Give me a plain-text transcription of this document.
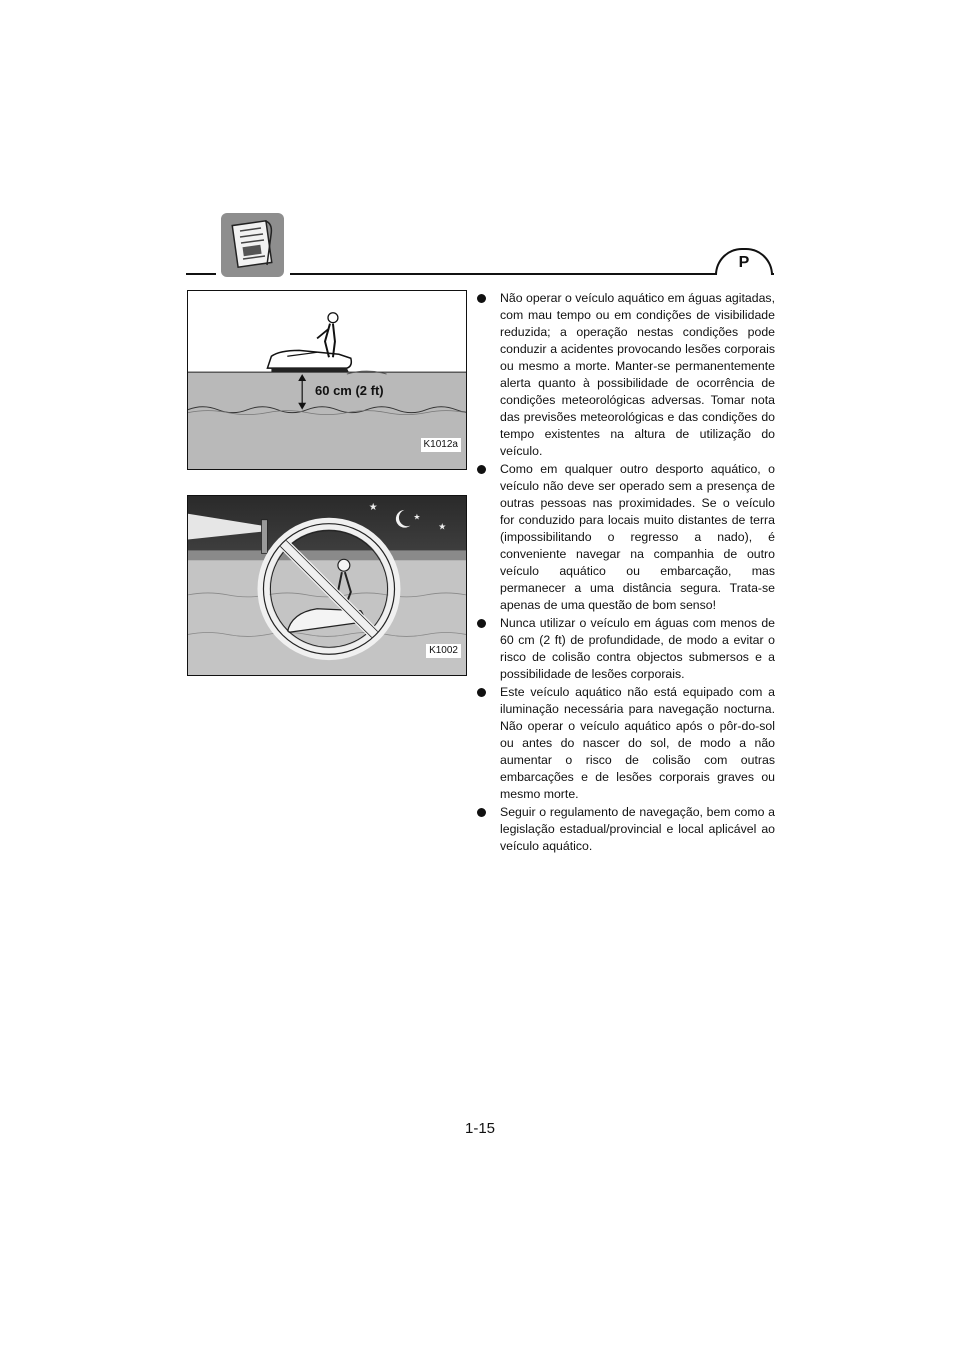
P
60 cm (2 ft)
K1012a
★
★
★
K1002

Não operar o veículo aquático em águas agitadas, com mau tempo ou em condições de visibilidade reduzida; a operação nestas condições pode conduzir a acidentes provocando lesões corporais ou mesmo a morte. Manter-se permanentemente alerta quanto à possibilidade de ocorrência de condições meteorológicas adversas. Tomar nota das previsões meteorológicas e das condições do tempo existentes na altura de utilização do veículo.

Como em qualquer outro desporto aquático, o veículo não deve ser operado sem a presença de outras pessoas nas proximidades. Se o veículo for conduzido para locais muito distantes de terra (impossibilitando o regresso a nado), é conveniente navegar na companhia de outro veículo aquático ou embarcação, mas permanecer a uma distância segura. Trata-se apenas de uma questão de bom senso!

Nunca utilizar o veículo em águas com menos de 60 cm (2 ft) de profundidade, de modo a evitar o risco de colisão contra objectos submersos e a possibilidade de lesões corporais.

Este veículo aquático não está equipado com a iluminação necessária para navegação nocturna. Não operar o veículo aquático após o pôr-do-sol ou antes do nascer do sol, de modo a não aumentar o risco de colisão com outras embarcações e de lesões corporais graves ou mesmo morte.

Seguir o regulamento de navegação, bem como a legislação estadual/provincial e local aplicável ao veículo aquático.

1-15
